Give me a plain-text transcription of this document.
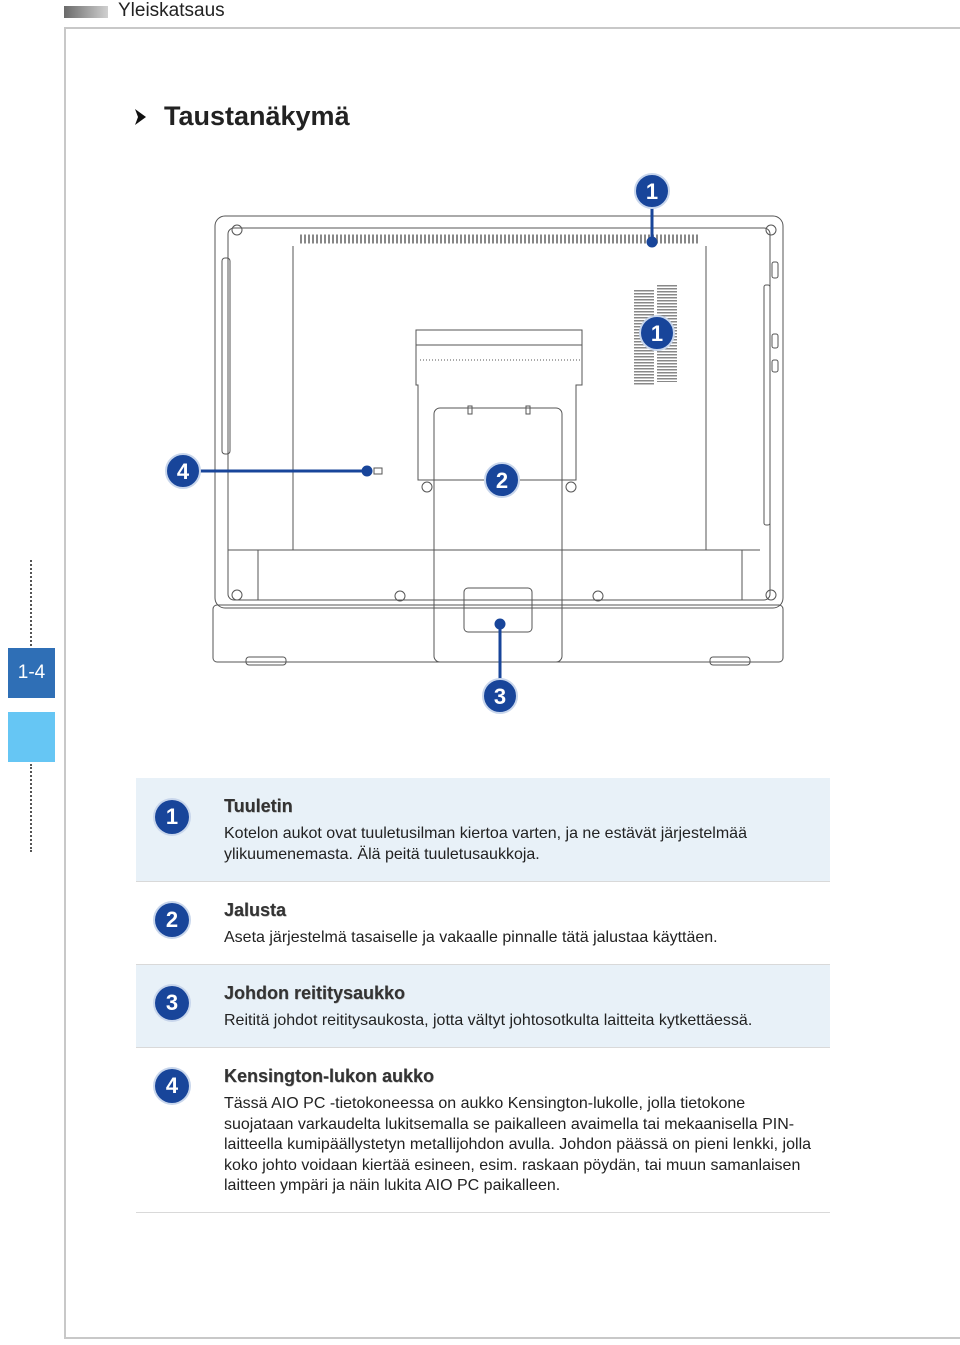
Yleiskatsaus
Taustanäkymä
1-4
1
1
2
3
4
1	Tuuletin
Kotelon aukot ovat tuuletusilman kiertoa varten, ja ne estävät järjestelmää ylikuumenemasta. Älä peitä tuuletusaukkoja.
2	Jalusta
Aseta järjestelmä tasaiselle ja vakaalle pinnalle tätä jalustaa käyttäen.
3	Johdon reititysaukko
Reititä johdot reititysaukosta, jotta vältyt johtosotkulta laitteita kytkettäessä.
4	Kensington-lukon aukko
Tässä AIO PC -tietokoneessa on aukko Kensington-lukolle, jolla tietokone suojataan varkaudelta lukitsemalla se paikalleen avaimella tai mekaanisella PIN-laitteella kumipäällystetyn metallijohdon avulla. Johdon päässä on pieni lenkki, jolla koko johto voidaan kiertää esineen, esim. raskaan pöydän, tai muun samanlaisen laitteen ympäri ja näin lukita AIO PC paikalleen.
